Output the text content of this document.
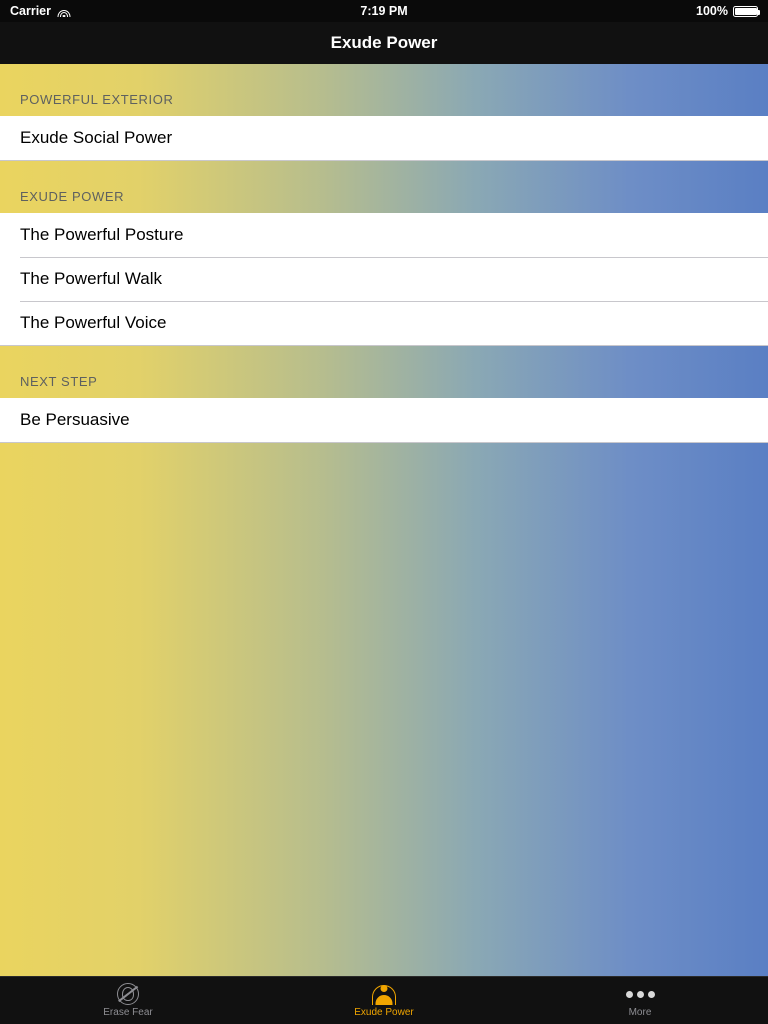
Carrier	7:19 PM	100%
Exude Power
POWERFUL EXTERIOR
Exude Social Power
EXUDE POWER
The Powerful Posture
The Powerful Walk
The Powerful Voice
NEXT STEP
Be Persuasive
Erase Fear	Exude Power	More
